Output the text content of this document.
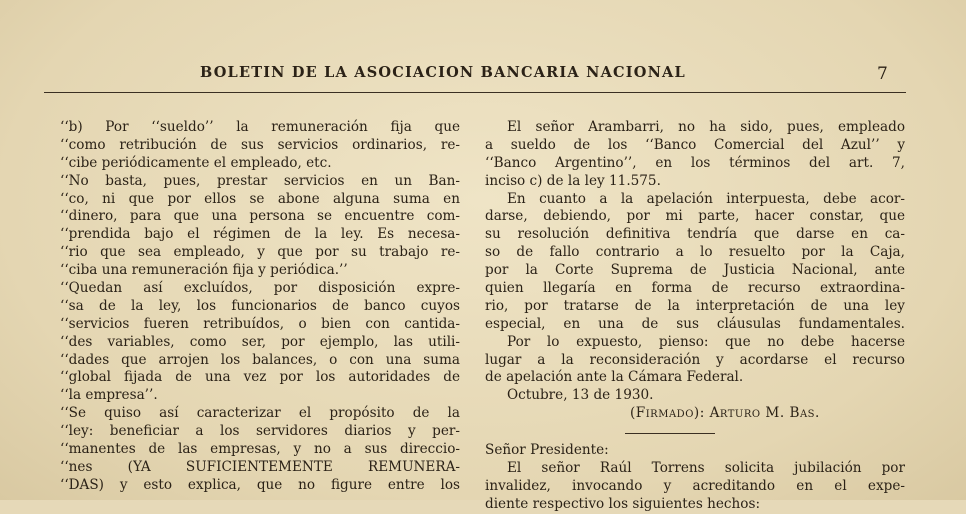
BOLETIN DE LA ASOCIACION BANCARIA NACIONAL	7
‘‘b) Por ‘‘sueldo’’ la remuneración fija que
‘‘como retribución de sus servicios ordinarios, re-
‘‘cibe periódicamente el empleado, etc.
‘‘No basta, pues, prestar servicios en un Ban-
‘‘co, ni que por ellos se abone alguna suma en
‘‘dinero, para que una persona se encuentre com-
‘‘prendida bajo el régimen de la ley. Es necesa-
‘‘rio que sea empleado, y que por su trabajo re-
‘‘ciba una remuneración fija y periódica.’’
‘‘Quedan así excluídos, por disposición expre-
‘‘sa de la ley, los funcionarios de banco cuyos
‘‘servicios fueren retribuídos, o bien con cantida-
‘‘des variables, como ser, por ejemplo, las utili-
‘‘dades que arrojen los balances, o con una suma
‘‘global fijada de una vez por los autoridades de
‘‘la empresa’’.
‘‘Se quiso así caracterizar el propósito de la
‘‘ley: beneficiar a los servidores diarios y per-
‘‘manentes de las empresas, y no a sus direccio-
‘‘nes (YA SUFICIENTEMENTE REMUNERA-
‘‘DAS) y esto explica, que no figure entre los
El señor Arambarri, no ha sido, pues, empleado
a sueldo de los ‘‘Banco Comercial del Azul’’ y
‘‘Banco Argentino’’, en los términos del art. 7,
inciso c) de la ley 11.575.
En cuanto a la apelación interpuesta, debe acor-
darse, debiendo, por mi parte, hacer constar, que
su resolución definitiva tendría que darse en ca-
so de fallo contrario a lo resuelto por la Caja,
por la Corte Suprema de Justicia Nacional, ante
quien llegaría en forma de recurso extraordina-
rio, por tratarse de la interpretación de una ley
especial, en una de sus cláusulas fundamentales.
Por lo expuesto, pienso: que no debe hacerse
lugar a la reconsideración y acordarse el recurso
de apelación ante la Cámara Federal.
Octubre, 13 de 1930.
(Firmado): Arturo M. Bas.
Señor Presidente:
El señor Raúl Torrens solicita jubilación por
invalidez, invocando y acreditando en el expe-
diente respectivo los siguientes hechos:
